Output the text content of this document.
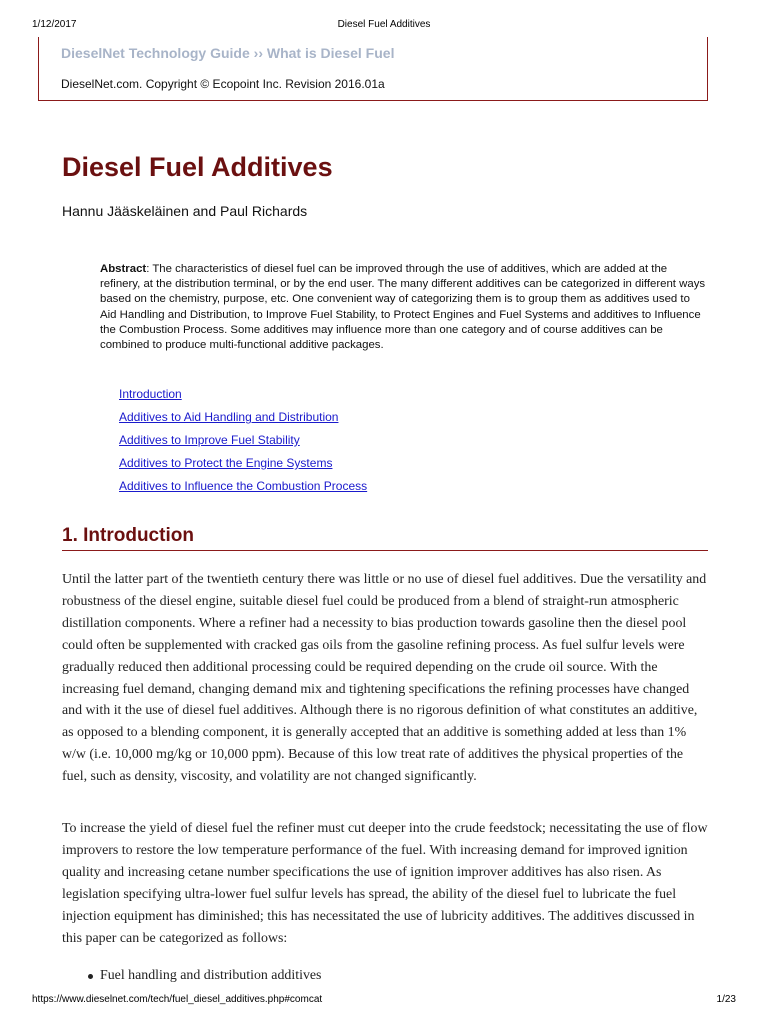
1/12/2017	Diesel Fuel Additives
DieselNet Technology Guide ›› What is Diesel Fuel
DieselNet.com. Copyright © Ecopoint Inc. Revision 2016.01a
Diesel Fuel Additives
Hannu Jääskeläinen and Paul Richards
Abstract: The characteristics of diesel fuel can be improved through the use of additives, which are added at the refinery, at the distribution terminal, or by the end user. The many different additives can be categorized in different ways based on the chemistry, purpose, etc. One convenient way of categorizing them is to group them as additives used to Aid Handling and Distribution, to Improve Fuel Stability, to Protect Engines and Fuel Systems and additives to Influence the Combustion Process. Some additives may influence more than one category and of course additives can be combined to produce multi-functional additive packages.
Introduction
Additives to Aid Handling and Distribution
Additives to Improve Fuel Stability
Additives to Protect the Engine Systems
Additives to Influence the Combustion Process
1. Introduction

Until the latter part of the twentieth century there was little or no use of diesel fuel additives. Due the versatility and robustness of the diesel engine, suitable diesel fuel could be produced from a blend of straight-run atmospheric distillation components. Where a refiner had a necessity to bias production towards gasoline then the diesel pool could often be supplemented with cracked gas oils from the gasoline refining process. As fuel sulfur levels were gradually reduced then additional processing could be required depending on the crude oil source. With the increasing fuel demand, changing demand mix and tightening specifications the refining processes have changed and with it the use of diesel fuel additives. Although there is no rigorous definition of what constitutes an additive, as opposed to a blending component, it is generally accepted that an additive is something added at less than 1% w/w (i.e. 10,000 mg/kg or 10,000 ppm). Because of this low treat rate of additives the physical properties of the fuel, such as density, viscosity, and volatility are not changed significantly.

To increase the yield of diesel fuel the refiner must cut deeper into the crude feedstock; necessitating the use of flow improvers to restore the low temperature performance of the fuel. With increasing demand for improved ignition quality and increasing cetane number specifications the use of ignition improver additives has also risen. As legislation specifying ultra-lower fuel sulfur levels has spread, the ability of the diesel fuel to lubricate the fuel injection equipment has diminished; this has necessitated the use of lubricity additives. The additives discussed in this paper can be categorized as follows:

Fuel handling and distribution additives
https://www.dieselnet.com/tech/fuel_diesel_additives.php#comcat	1/23
